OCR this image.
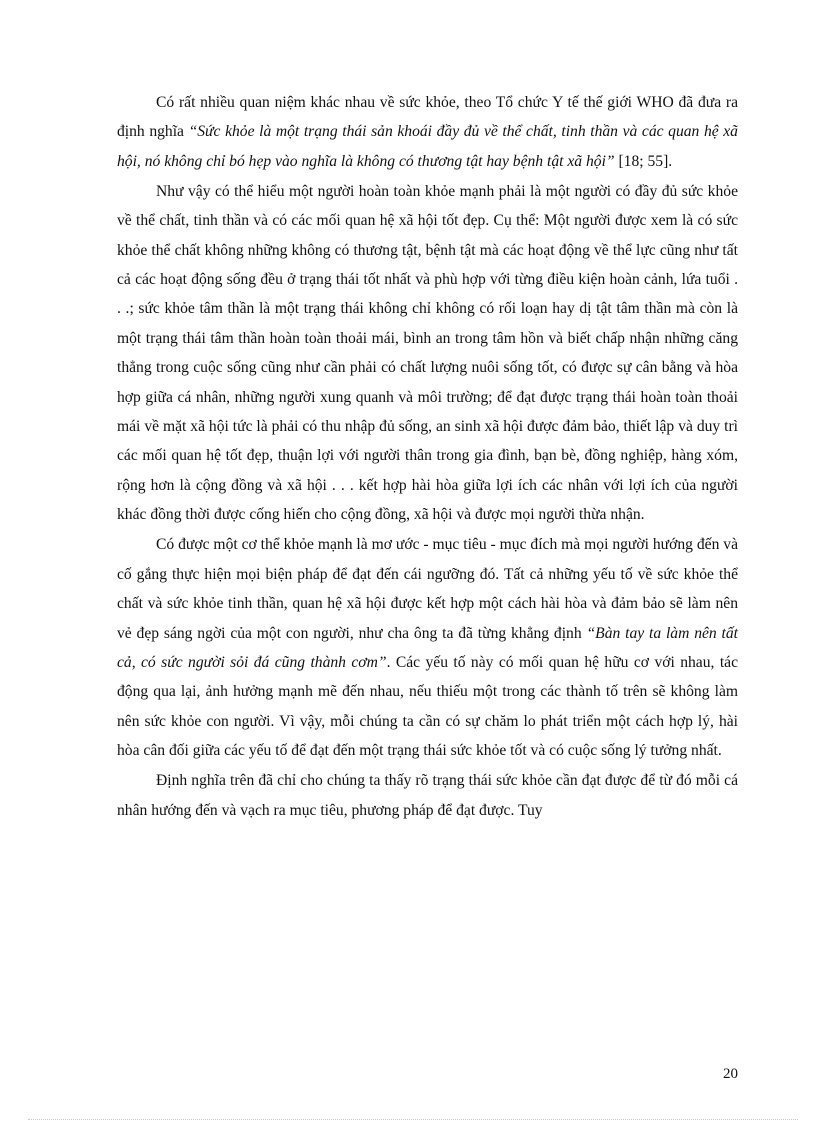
Có rất nhiều quan niệm khác nhau về sức khỏe, theo Tổ chức Y tế thế giới WHO đã đưa ra định nghĩa “Sức khỏe là một trạng thái sản khoái đầy đủ về thể chất, tinh thần và các quan hệ xã hội, nó không chỉ bó hẹp vào nghĩa là không có thương tật hay bệnh tật xã hội” [18; 55].

Như vậy có thể hiểu một người hoàn toàn khỏe mạnh phải là một người có đầy đủ sức khỏe về thể chất, tinh thần và có các mối quan hệ xã hội tốt đẹp. Cụ thể: Một người được xem là có sức khỏe thể chất không những không có thương tật, bệnh tật mà các hoạt động về thể lực cũng như tất cả các hoạt động sống đều ở trạng thái tốt nhất và phù hợp với từng điều kiện hoàn cảnh, lứa tuổi . . .; sức khỏe tâm thần là một trạng thái không chỉ không có rối loạn hay dị tật tâm thần mà còn là một trạng thái tâm thần hoàn toàn thoải mái, bình an trong tâm hồn và biết chấp nhận những căng thẳng trong cuộc sống cũng như cần phải có chất lượng nuôi sống tốt, có được sự cân bằng và hòa hợp giữa cá nhân, những người xung quanh và môi trường; để đạt được trạng thái hoàn toàn thoải mái về mặt xã hội tức là phải có thu nhập đủ sống, an sinh xã hội được đảm bảo, thiết lập và duy trì các mối quan hệ tốt đẹp, thuận lợi với người thân trong gia đình, bạn bè, đồng nghiệp, hàng xóm, rộng hơn là cộng đồng và xã hội . . . kết hợp hài hòa giữa lợi ích các nhân với lợi ích của người khác đồng thời được cống hiến cho cộng đồng, xã hội và được mọi người thừa nhận.

Có được một cơ thể khỏe mạnh là mơ ước - mục tiêu - mục đích mà mọi người hướng đến và cố gắng thực hiện mọi biện pháp để đạt đến cái ngưỡng đó. Tất cả những yếu tố về sức khỏe thể chất và sức khỏe tinh thần, quan hệ xã hội được kết hợp một cách hài hòa và đảm bảo sẽ làm nên vẻ đẹp sáng ngời của một con người, như cha ông ta đã từng khẳng định “Bàn tay ta làm nên tất cả, có sức người sỏi đá cũng thành cơm”. Các yếu tố này có mối quan hệ hữu cơ với nhau, tác động qua lại, ảnh hưởng mạnh mẽ đến nhau, nếu thiếu một trong các thành tố trên sẽ không làm nên sức khỏe con người. Vì vậy, mỗi chúng ta cần có sự chăm lo phát triển một cách hợp lý, hài hòa cân đối giữa các yếu tố để đạt đến một trạng thái sức khỏe tốt và có cuộc sống lý tưởng nhất.

Định nghĩa trên đã chỉ cho chúng ta thấy rõ trạng thái sức khỏe cần đạt được để từ đó mỗi cá nhân hướng đến và vạch ra mục tiêu, phương pháp để đạt được. Tuy

20
